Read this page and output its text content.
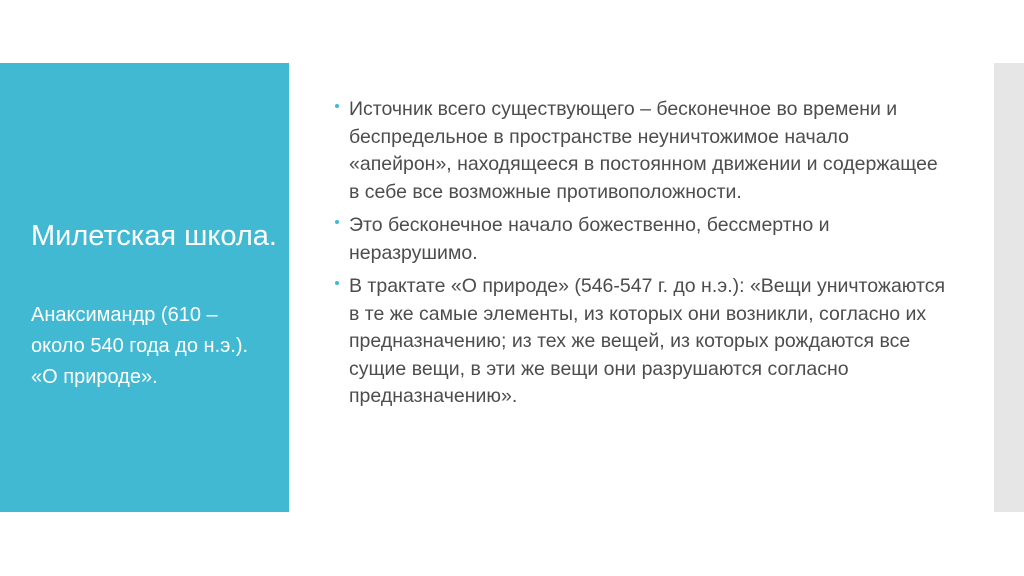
Милетская школа.
Анаксимандр (610 – около 540 года до н.э.). «О природе».
Источник всего существующего – бесконечное во времени и беспредельное в пространстве неуничтожимое начало «апейрон», находящееся в постоянном движении и содержащее в себе все возможные противоположности.
Это бесконечное начало божественно, бессмертно и неразрушимо.
В трактате «О природе» (546-547 г. до н.э.): «Вещи уничтожаются в те же самые элементы, из которых они возникли, согласно их предназначению; из тех же вещей, из которых рождаются все сущие вещи, в эти же вещи они разрушаются согласно предназначению».
